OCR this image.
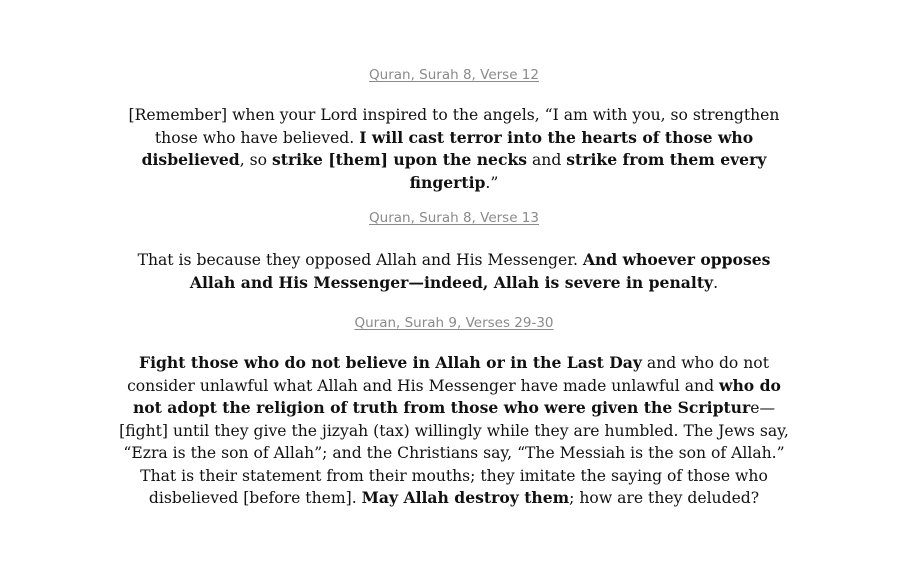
Quran, Surah 8, Verse 12

[Remember] when your Lord inspired to the angels, “I am with you, so strengthen those who have believed. I will cast terror into the hearts of those who disbelieved, so strike [them] upon the necks and strike from them every fingertip.”

Quran, Surah 8, Verse 13

That is because they opposed Allah and His Messenger. And whoever opposes Allah and His Messenger—indeed, Allah is severe in penalty.

Quran, Surah 9, Verses 29-30

Fight those who do not believe in Allah or in the Last Day and who do not consider unlawful what Allah and His Messenger have made unlawful and who do not adopt the religion of truth from those who were given the Scripture—[fight] until they give the jizyah (tax) willingly while they are humbled. The Jews say, “Ezra is the son of Allah”; and the Christians say, “The Messiah is the son of Allah.” That is their statement from their mouths; they imitate the saying of those who disbelieved [before them]. May Allah destroy them; how are they deluded?
